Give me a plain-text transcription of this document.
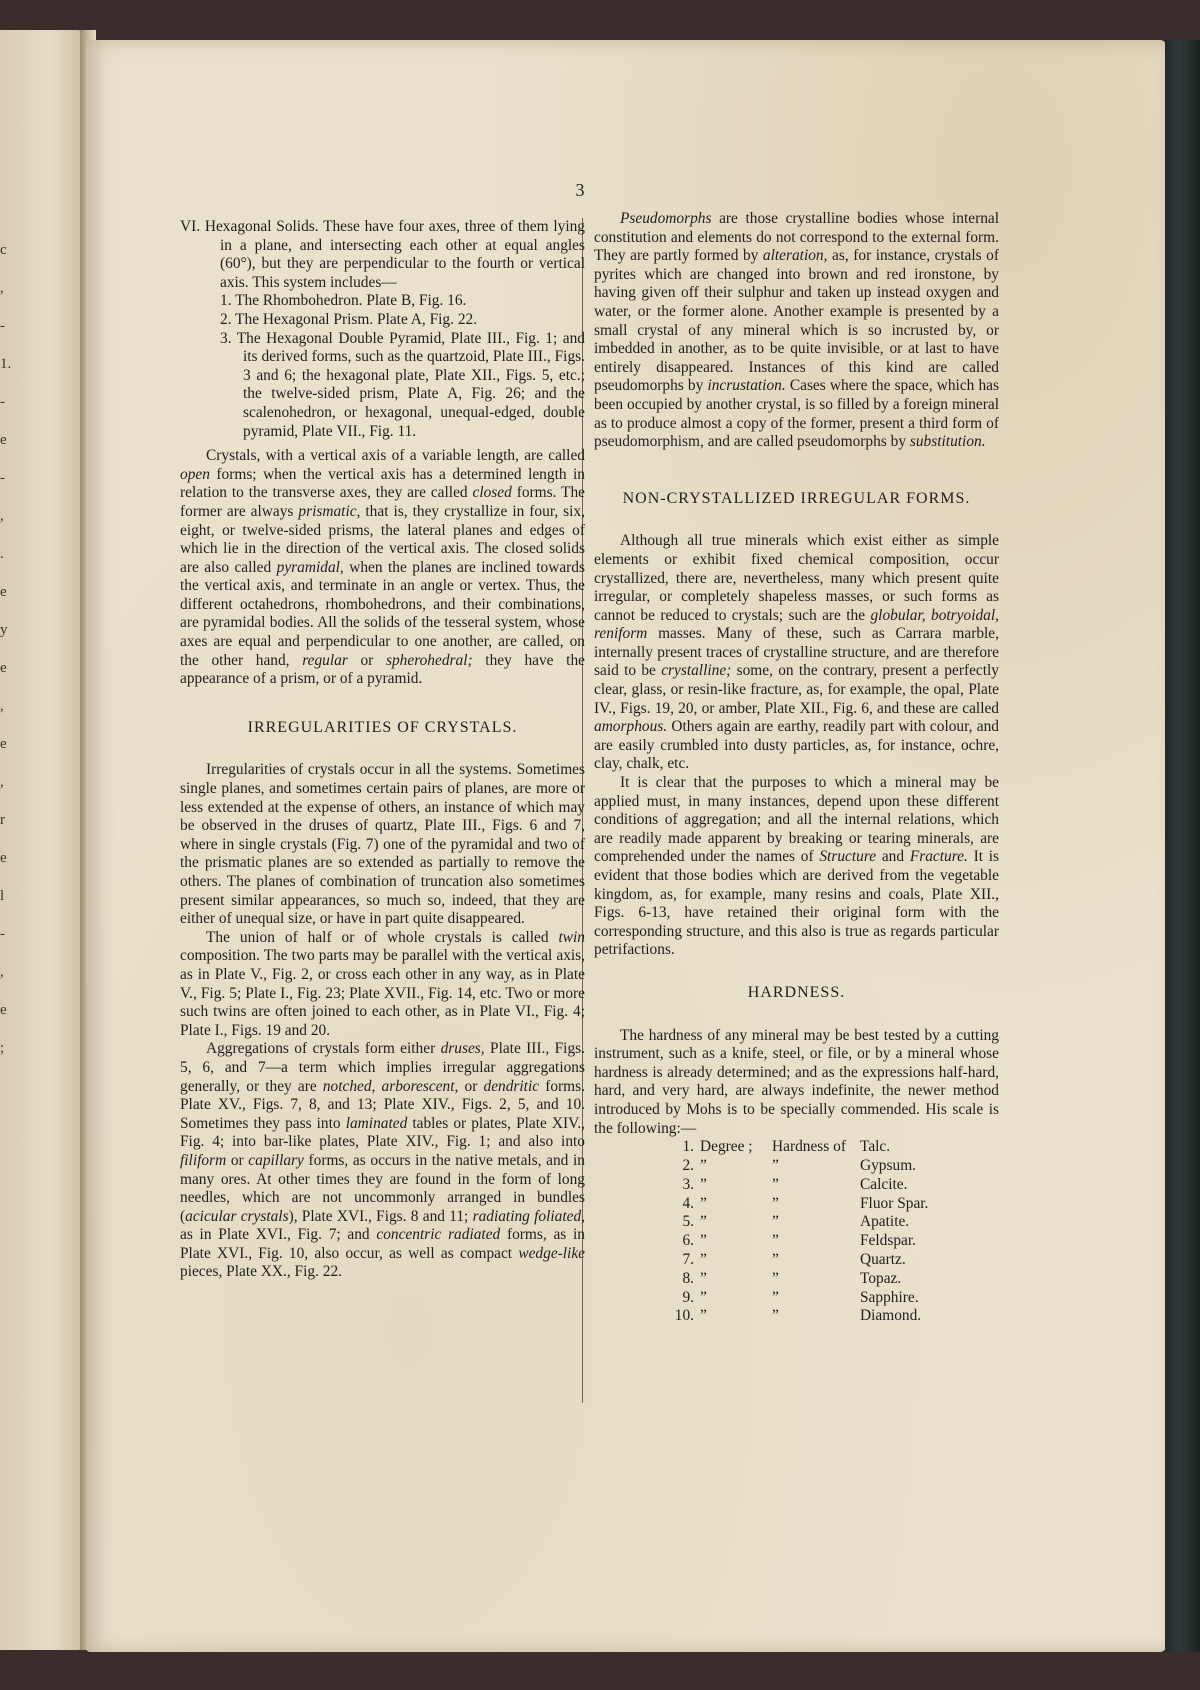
c
,
-
1.
-
e
-
,
.
e
y
e
,
e
,
r
e
l
-
,
e
;
3

VI. Hexagonal Solids. These have four axes, three of them lying in a plane, and intersecting each other at equal angles (60°), but they are perpendicular to the fourth or vertical axis. This system includes—

1. The Rhombohedron. Plate B, Fig. 16.

2. The Hexagonal Prism. Plate A, Fig. 22.

3. The Hexagonal Double Pyramid, Plate III., Fig. 1; and its derived forms, such as the quartzoid, Plate III., Figs. 3 and 6; the hexagonal plate, Plate XII., Figs. 5, etc.; the twelve-sided prism, Plate A, Fig. 26; and the scalenohedron, or hexagonal, unequal-edged, double pyramid, Plate VII., Fig. 11.

Crystals, with a vertical axis of a variable length, are called open forms; when the vertical axis has a determined length in relation to the transverse axes, they are called closed forms. The former are always prismatic, that is, they crystallize in four, six, eight, or twelve-sided prisms, the lateral planes and edges of which lie in the direction of the vertical axis. The closed solids are also called pyramidal, when the planes are inclined towards the vertical axis, and terminate in an angle or vertex. Thus, the different octahedrons, rhombohedrons, and their combinations, are pyramidal bodies. All the solids of the tesseral system, whose axes are equal and perpendicular to one another, are called, on the other hand, regular or spherohedral; they have the appearance of a prism, or of a pyramid.

IRREGULARITIES OF CRYSTALS.

Irregularities of crystals occur in all the systems. Sometimes single planes, and sometimes certain pairs of planes, are more or less extended at the expense of others, an instance of which may be observed in the druses of quartz, Plate III., Figs. 6 and 7, where in single crystals (Fig. 7) one of the pyramidal and two of the prismatic planes are so extended as partially to remove the others. The planes of combination of truncation also sometimes present similar appearances, so much so, indeed, that they are either of unequal size, or have in part quite disappeared.

The union of half or of whole crystals is called twin composition. The two parts may be parallel with the vertical axis, as in Plate V., Fig. 2, or cross each other in any way, as in Plate V., Fig. 5; Plate I., Fig. 23; Plate XVII., Fig. 14, etc. Two or more such twins are often joined to each other, as in Plate VI., Fig. 4; Plate I., Figs. 19 and 20.

Aggregations of crystals form either druses, Plate III., Figs. 5, 6, and 7—a term which implies irregular aggregations generally, or they are notched, arborescent, or dendritic forms. Plate XV., Figs. 7, 8, and 13; Plate XIV., Figs. 2, 5, and 10. Sometimes they pass into laminated tables or plates, Plate XIV., Fig. 4; into bar-like plates, Plate XIV., Fig. 1; and also into filiform or capillary forms, as occurs in the native metals, and in many ores. At other times they are found in the form of long needles, which are not uncommonly arranged in bundles (acicular crystals), Plate XVI., Figs. 8 and 11; radiating foliated, as in Plate XVI., Fig. 7; and concentric radiated forms, as in Plate XVI., Fig. 10, also occur, as well as compact wedge-like pieces, Plate XX., Fig. 22.

Pseudomorphs are those crystalline bodies whose internal constitution and elements do not correspond to the external form. They are partly formed by alteration, as, for instance, crystals of pyrites which are changed into brown and red ironstone, by having given off their sulphur and taken up instead oxygen and water, or the former alone. Another example is presented by a small crystal of any mineral which is so incrusted by, or imbedded in another, as to be quite invisible, or at last to have entirely disappeared. Instances of this kind are called pseudomorphs by incrustation. Cases where the space, which has been occupied by another crystal, is so filled by a foreign mineral as to produce almost a copy of the former, present a third form of pseudomorphism, and are called pseudomorphs by substitution.

NON-CRYSTALLIZED IRREGULAR FORMS.

Although all true minerals which exist either as simple elements or exhibit fixed chemical composition, occur crystallized, there are, nevertheless, many which present quite irregular, or completely shapeless masses, or such forms as cannot be reduced to crystals; such are the globular, botryoidal, reniform masses. Many of these, such as Carrara marble, internally present traces of crystalline structure, and are therefore said to be crystalline; some, on the contrary, present a perfectly clear, glass, or resin-like fracture, as, for example, the opal, Plate IV., Figs. 19, 20, or amber, Plate XII., Fig. 6, and these are called amorphous. Others again are earthy, readily part with colour, and are easily crumbled into dusty particles, as, for instance, ochre, clay, chalk, etc.

It is clear that the purposes to which a mineral may be applied must, in many instances, depend upon these different conditions of aggregation; and all the internal relations, which are readily made apparent by breaking or tearing minerals, are comprehended under the names of Structure and Fracture. It is evident that those bodies which are derived from the vegetable kingdom, as, for example, many resins and coals, Plate XII., Figs. 6-13, have retained their original form with the corresponding structure, and this also is true as regards particular petrifactions.

HARDNESS.

The hardness of any mineral may be best tested by a cutting instrument, such as a knife, steel, or file, or by a mineral whose hardness is already determined; and as the expressions half-hard, hard, and very hard, are always indefinite, the newer method introduced by Mohs is to be specially commended. His scale is the following:—

1. Degree ;	Hardness of Talc.
2. ”	”	Gypsum.
3. ”	”	Calcite.
4. ”	”	Fluor Spar.
5. ”	”	Apatite.
6. ”	”	Feldspar.
7. ”	”	Quartz.
8. ”	”	Topaz.
9. ”	”	Sapphire.
10. ”	”	Diamond.
